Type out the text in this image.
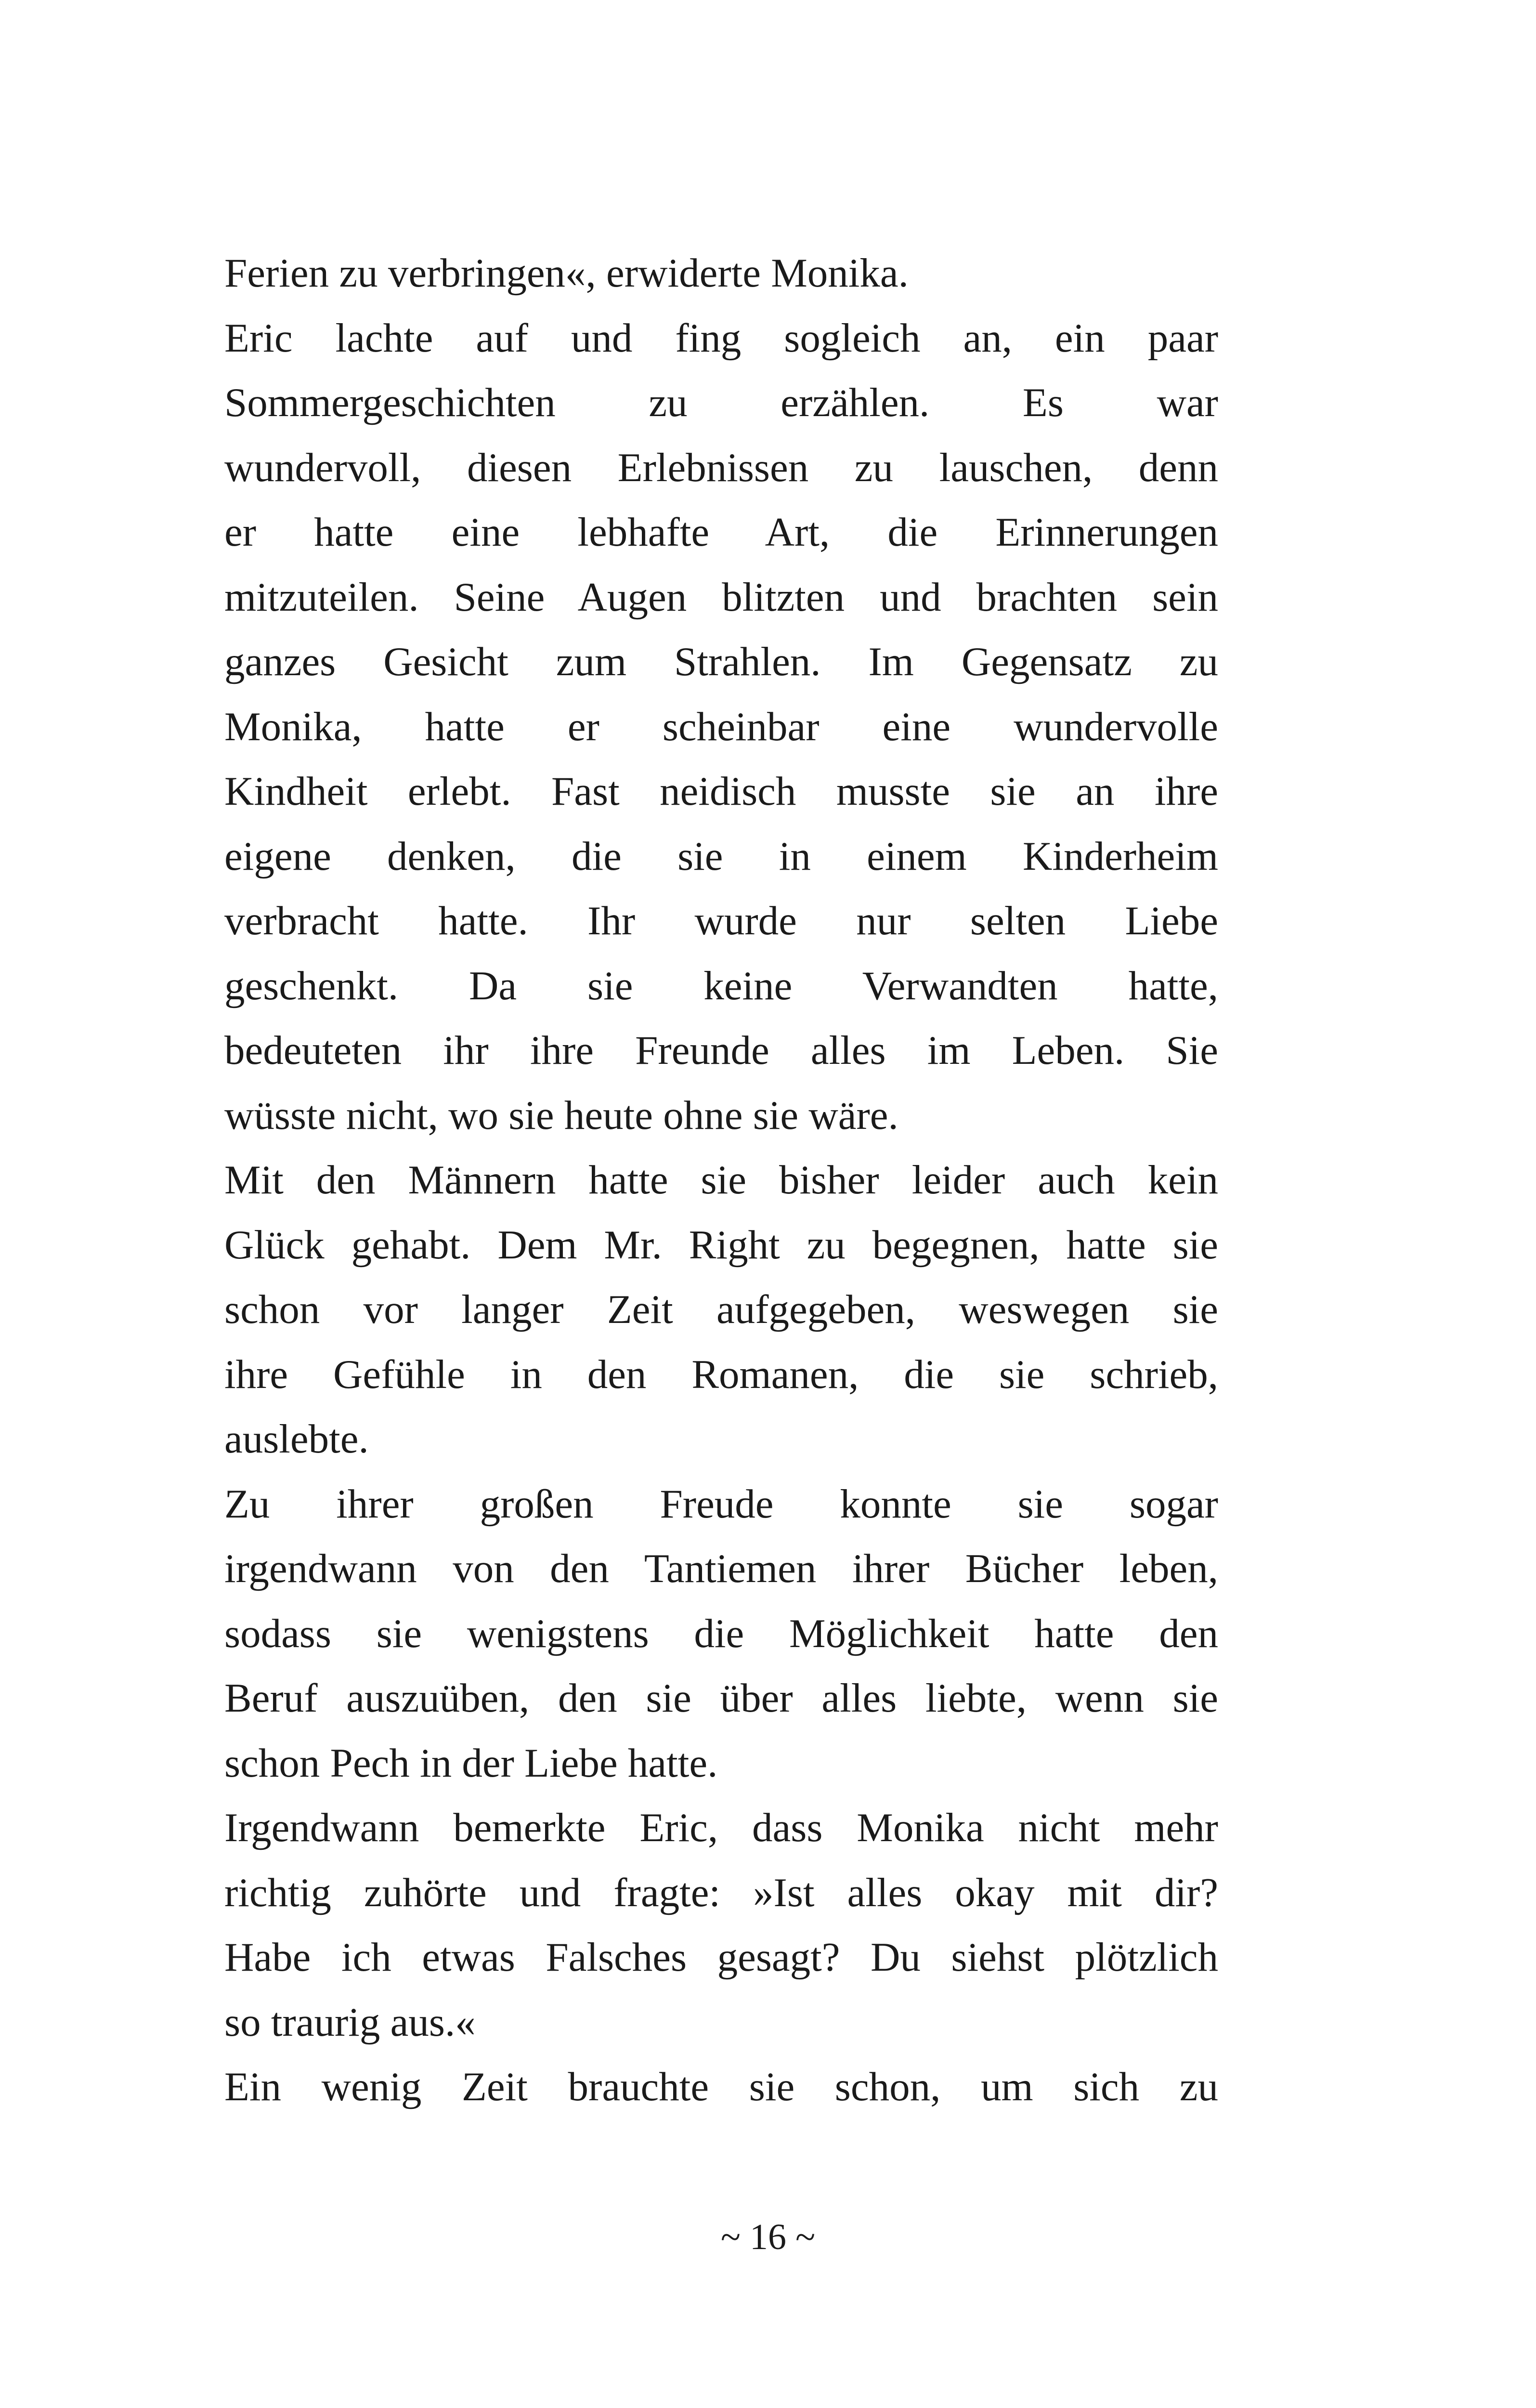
Ferien zu verbringen«, erwiderte Monika.
Eric lachte auf und fing sogleich an, ein paar
Sommergeschichten zu erzählen. Es war
wundervoll, diesen Erlebnissen zu lauschen, denn
er hatte eine lebhafte Art, die Erinnerungen
mitzuteilen. Seine Augen blitzten und brachten sein
ganzes Gesicht zum Strahlen. Im Gegensatz zu
Monika, hatte er scheinbar eine wundervolle
Kindheit erlebt. Fast neidisch musste sie an ihre
eigene denken, die sie in einem Kinderheim
verbracht hatte. Ihr wurde nur selten Liebe
geschenkt. Da sie keine Verwandten hatte,
bedeuteten ihr ihre Freunde alles im Leben. Sie
wüsste nicht, wo sie heute ohne sie wäre.
Mit den Männern hatte sie bisher leider auch kein
Glück gehabt. Dem Mr. Right zu begegnen, hatte sie
schon vor langer Zeit aufgegeben, weswegen sie
ihre Gefühle in den Romanen, die sie schrieb,
auslebte.
Zu ihrer großen Freude konnte sie sogar
irgendwann von den Tantiemen ihrer Bücher leben,
sodass sie wenigstens die Möglichkeit hatte den
Beruf auszuüben, den sie über alles liebte, wenn sie
schon Pech in der Liebe hatte.
Irgendwann bemerkte Eric, dass Monika nicht mehr
richtig zuhörte und fragte: »Ist alles okay mit dir?
Habe ich etwas Falsches gesagt? Du siehst plötzlich
so traurig aus.«
Ein wenig Zeit brauchte sie schon, um sich zu
~ 16 ~
